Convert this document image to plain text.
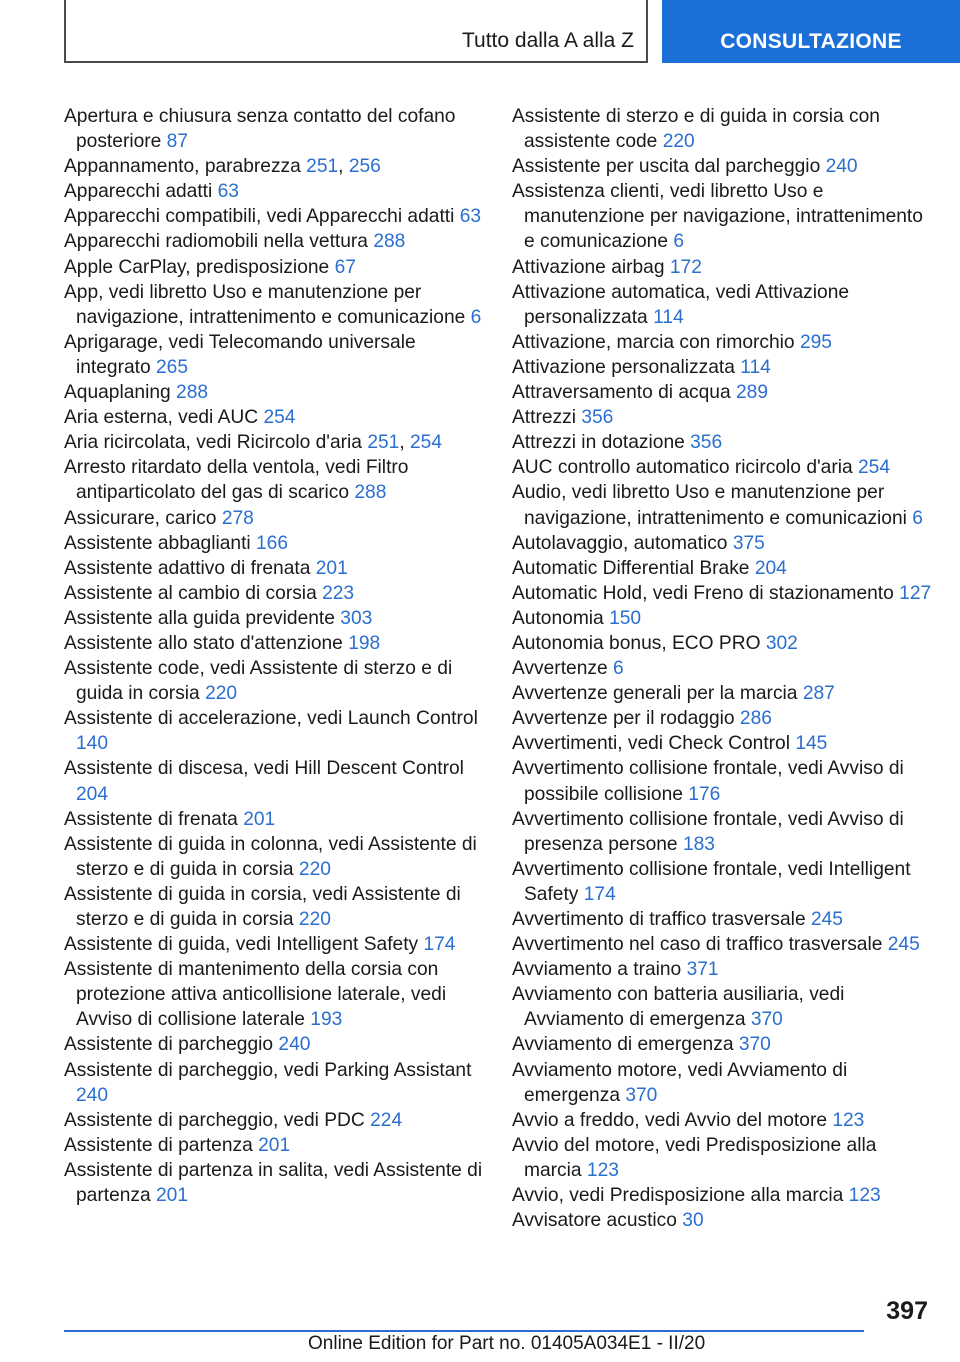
Tutto dalla A alla Z	CONSULTAZIONE
Apertura e chiusura senza contatto del cofano posteriore 87
Appannamento, parabrezza 251, 256
Apparecchi adatti 63
Apparecchi compatibili, vedi Apparecchi adatti 63
Apparecchi radiomobili nella vettura 288
Apple CarPlay, predisposizione 67
App, vedi libretto Uso e manutenzione per navigazione, intrattenimento e comunicazione 6
Aprigarage, vedi Telecomando universale integrato 265
Aquaplaning 288
Aria esterna, vedi AUC 254
Aria ricircolata, vedi Ricircolo d'aria 251, 254
Arresto ritardato della ventola, vedi Filtro antiparticolato del gas di scarico 288
Assicurare, carico 278
Assistente abbaglianti 166
Assistente adattivo di frenata 201
Assistente al cambio di corsia 223
Assistente alla guida previdente 303
Assistente allo stato d'attenzione 198
Assistente code, vedi Assistente di sterzo e di guida in corsia 220
Assistente di accelerazione, vedi Launch Control 140
Assistente di discesa, vedi Hill Descent Control 204
Assistente di frenata 201
Assistente di guida in colonna, vedi Assistente di sterzo e di guida in corsia 220
Assistente di guida in corsia, vedi Assistente di sterzo e di guida in corsia 220
Assistente di guida, vedi Intelligent Safety 174
Assistente di mantenimento della corsia con protezione attiva anticollisione laterale, vedi Avviso di collisione laterale 193
Assistente di parcheggio 240
Assistente di parcheggio, vedi Parking Assistant 240
Assistente di parcheggio, vedi PDC 224
Assistente di partenza 201
Assistente di partenza in salita, vedi Assistente di partenza 201
Assistente di sterzo e di guida in corsia con assistente code 220
Assistente per uscita dal parcheggio 240
Assistenza clienti, vedi libretto Uso e manutenzione per navigazione, intrattenimento e comunicazione 6
Attivazione airbag 172
Attivazione automatica, vedi Attivazione personalizzata 114
Attivazione, marcia con rimorchio 295
Attivazione personalizzata 114
Attraversamento di acqua 289
Attrezzi 356
Attrezzi in dotazione 356
AUC controllo automatico ricircolo d'aria 254
Audio, vedi libretto Uso e manutenzione per navigazione, intrattenimento e comunicazioni 6
Autolavaggio, automatico 375
Automatic Differential Brake 204
Automatic Hold, vedi Freno di stazionamento 127
Autonomia 150
Autonomia bonus, ECO PRO 302
Avvertenze 6
Avvertenze generali per la marcia 287
Avvertenze per il rodaggio 286
Avvertimenti, vedi Check Control 145
Avvertimento collisione frontale, vedi Avviso di possibile collisione 176
Avvertimento collisione frontale, vedi Avviso di presenza persone 183
Avvertimento collisione frontale, vedi Intelligent Safety 174
Avvertimento di traffico trasversale 245
Avvertimento nel caso di traffico trasversale 245
Avviamento a traino 371
Avviamento con batteria ausiliaria, vedi Avviamento di emergenza 370
Avviamento di emergenza 370
Avviamento motore, vedi Avviamento di emergenza 370
Avvio a freddo, vedi Avvio del motore 123
Avvio del motore, vedi Predisposizione alla marcia 123
Avvio, vedi Predisposizione alla marcia 123
Avvisatore acustico 30
397
Online Edition for Part no. 01405A034E1 - II/20
